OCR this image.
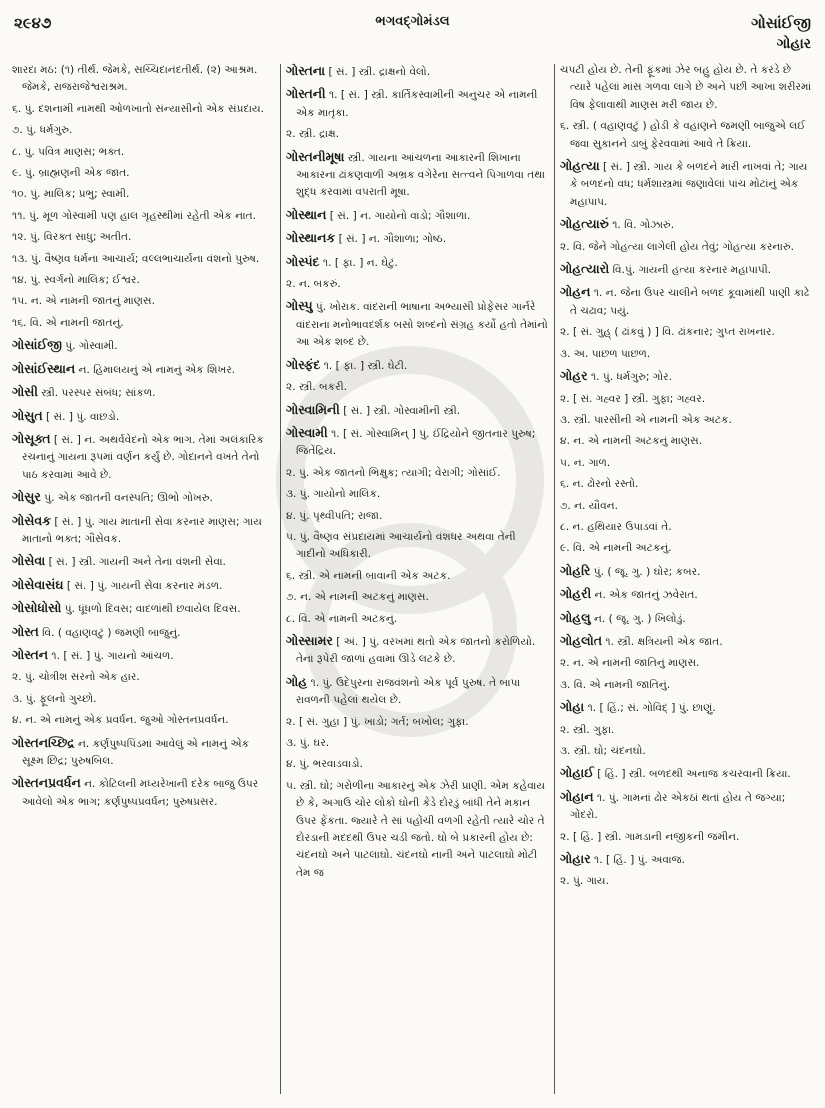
૨૯૪૭	ભગવદ્ગોમંડલ	ગોસાંઈજી
ગોહાર
શારદા મઠ: (૧) તીર્થ. જેમકે, સચ્ચિદાનંદતીર્થ. (૨) આશ્રમ. જેમકે, રાજરાજેશ્વરાશ્રમ.
૬. પું. દશનામી નામથી ઓળખાતો સંન્યાસીનો એક સંપ્રદાય.
૭. પું. ધર્મગુરુ.
૮. પું. પવિત્ર માણસ; ભક્ત.
૯. પું. બ્રાહ્મણની એક જાત.
૧૦. પું. માલિક; પ્રભુ; સ્વામી.
૧૧. પું. મૂળ ગોસ્વામી પણ હાલ ગૃહસ્થીમાં રહેતી એક નાત.
૧૨. પું. વિરક્ત સાધુ; અતીત.
૧૩. પું. વૈષ્ણવ ધર્મના આચાર્ય; વલ્લભાચાર્યના વંશનો પુરુષ.
૧૪. પું. સ્વર્ગનો માલિક; ઈશ્વર.
૧૫. ન. એ નામની જાતનું માણસ.
૧૬. વિ. એ નામની જાતનું.
ગોસાંઈજી પું. ગોસ્વામી.
ગોસાંઈસ્થાન ન. હિમાલયનું એ નામનું એક શિખર.
ગોસી સ્ત્રી. પરસ્પર સંબંધ; સાંકળ.
ગોસુત [ સં. ] પું. વાછડો.
ગોસૂક્ત [ સં. ] ન. અથર્વવેદનો એક ભાગ. તેમાં અલંકારિક રચનાનું ગાયના રૂપમાં વર્ણન કર્યું છે. ગોદાનને વખતે તેનો પાઠ કરવામાં આવે છે.
ગોસુર પું. એક જાતની વનસ્પતિ; ઊભો ગોખરુ.
ગોસેવક [ સં. ] પું. ગાય માતાની સેવા કરનાર માણસ; ગાય માતાનો ભક્ત; ગૌસેવક.
ગોસેવા [ સં. ] સ્ત્રી. ગાયની અને તેના વંશની સેવા.
ગોસેવાસંઘ [ સં. ] પું. ગાયની સેવા કરનાર મંડળ.
ગોસોધોસો પું. ધૂંધળો દિવસ; વાદળાંથી છવાયેલ દિવસ.
ગોસ્ત વિ. ( વહાણવટું ) જમણી બાજુનું.
ગોસ્તન ૧. [ સં. ] પું. ગાયનો આંચળ.
૨. પું. ચોત્રીશ સરનો એક હાર.
૩. પું. ફૂલનો ગુચ્છો.
૪. ન. એ નામનું એક પ્રવર્ધન. જુઓ ગોસ્તનપ્રવર્ધન.
ગોસ્તનચ્છિદ્ર ન. કર્ણપુષ્પપિંડમાં આવેલું એ નામનું એક સૂક્ષ્મ છિદ્ર; પુરુષબિલ.
ગોસ્તનપ્રવર્ધન ન. કોટિલની મધ્યરેખાની દરેક બાજુ ઉપર આવેલો એક ભાગ; કર્ણપુષ્પપ્રવર્ધન; પુરુષપ્રસર.
ગોસ્તના [ સં. ] સ્ત્રી. દ્રાક્ષનો વેલો.
ગોસ્તની ૧. [ સં. ] સ્ત્રી. કાર્તિકસ્વામીની અનુચર એ નામની એક માતૃકા.
૨. સ્ત્રી. દ્રાક્ષ.
ગોસ્તનીમૂષા સ્ત્રી. ગાયના આંચળના આકારની શિખાના આકારના ઢાંકણવાળી અભ્રક વગેરેના સત્ત્વને પિગાળવા તથા શુદ્ધ કરવામાં વપરાતી મૂષા.
ગોસ્થાન [ સં. ] ન. ગાયોનો વાડો; ગૌશાળા.
ગોસ્થાનક [ સં. ] ન. ગૌશાળા; ગોષ્ઠ.
ગોસ્પંદ ૧. [ ફા. ] ન. ઘેટું.
૨. ન. બકરું.
ગોસ્પુ પું. ખોરાક. વાંદરાની ભાષાના અભ્યાસી પ્રોફેસર ગાર્નરે વાંદરાના મનોભાવદર્શક બસો શબ્દનો સંગ્રહ કર્યો હતો તેમાંનો આ એક શબ્દ છે.
ગોસ્ફંદ ૧. [ ફા. ] સ્ત્રી. ઘેટી.
૨. સ્ત્રી. બકરી.
ગોસ્વામિની [ સં. ] સ્ત્રી. ગોસ્વામીની સ્ત્રી.
ગોસ્વામી ૧. [ સં. ગોસ્વામિન્ ] પું. ઈંદ્રિયોને જીતનાર પુરુષ; જિતેંદ્રિય.
૨. પું. એક જાતનો ભિક્ષુક; ત્યાગી; વેરાગી; ગોસાંઈ.
૩. પું. ગાયોનો માલિક.
૪. પું. પૃથ્વીપતિ; રાજા.
૫. પું. વૈષ્ણવ સંપ્રદાયમાં આચાર્યનો વંશધર અથવા તેની ગાદીનો અધિકારી.
૬. સ્ત્રી. એ નામની બાવાની એક અટક.
૭. ન. એ નામની અટકનું માણસ.
૮. વિ. એ નામની અટકનું.
ગોસ્સામર [ અં. ] પું. વરખમાં થતો એક જાતનો કરોળિયો. તેનાં રૂપેરી જાળાં હવામાં ઊડે લટકે છે.
ગોહ ૧. પું. ઉદેપુરના રાજવંશનો એક પૂર્વ પુરુષ. તે બાપા રાવળની પહેલાં થયેલ છે.
૨. [ સં. ગુહા ] પું. ખાડો; ગર્ત; બખોલ; ગુફા.
૩. પું. ઘર.
૪. પું. ભરવાડવાડો.
૫. સ્ત્રી. ઘો; ગરોળીના આકારનું એક ઝેરી પ્રાણી. એમ કહેવાય છે કે, અગાઉ ચોર લોકો ઘોની કેડે દોરડું બાંધી તેને મકાન ઉપર ફેંકતા. જ્યારે તે સાં પહોંચી વળગી રહેતી ત્યારે ચોર તે દોરડાની મદદથી ઉપર ચડી જતો. ઘો બે પ્રકારની હોય છે: ચંદનઘો અને પાટલાઘો. ચંદનઘો નાની અને પાટલાઘો મોટી તેમ જ
ચપટી હોય છે. તેની ફૂંકમાં ઝેર બહુ હોય છે. તે કરડે છે ત્યારે પહેલાં માંસ ગળવા લાગે છે અને પછી આખા શરીરમાં વિષ ફેલાવાથી માણસ મરી જાય છે.
૬. સ્ત્રી. ( વહાણવટું ) હોડી કે વહાણને જમણી બાજુએ લઈ જવા સુકાનને ડાબું ફેરવવામાં આવે તે ક્રિયા.
ગોહત્યા [ સં. ] સ્ત્રી. ગાય કે બળદને મારી નાખવાં તે; ગાય કે બળદનો વધ; ધર્મશાસ્ત્રમાં જણાવેલાં પાંચ મોટાંનું એક મહાપાપ.
ગોહત્યારું ૧. વિ. ગોઝારું.
૨. વિ. જેને ગોહત્યા લાગેલી હોય તેવું; ગોહત્યા કરનારું.
ગોહત્યારો વિ.પું. ગાયની હત્યા કરનાર મહાપાપી.
ગોહન ૧. ન. જેના ઉપર ચાલીને બળદ કૂવામાંથી પાણી કાઢે તે ચઢાવ; પયું.
૨. [ સં. ગુહ્ ( ઢાંકવું ) ] વિ. ઢાંકનાર; ગુપ્ત રાખનાર.
૩. અ. પાછળ પાછળ.
ગોહર ૧. પું. ધર્મગુરુ; ગોર.
૨. [ સં. ગહ્વર ] સ્ત્રી. ગુફા; ગહ્વર.
૩. સ્ત્રી. પારસીની એ નામની એક અટક.
૪. ન. એ નામની અટકનું માણસ.
૫. ન. ગાળ.
૬. ન. ઢોરનો રસ્તો.
૭. ન. યૌવન.
૮. ન. હથિયાર ઉપાડવાં તે.
૯. વિ. એ નામની અટકનું.
ગોહરિ પું. ( જૂ. ગુ. ) ઘોર; કબર.
ગોહરી ન. એક જાતનું ઝવેરાત.
ગોહલુ ન. ( જૂ. ગુ. ) ખિલોડું.
ગોહલોત ૧. સ્ત્રી. ક્ષત્રિયની એક જાત.
૨. ન. એ નામની જાતિનું માણસ.
૩. વિ. એ નામની જાતિનું.
ગોહા ૧. [ હિં.; સં. ગોવિદ્ ] પું. છાણું.
૨. સ્ત્રી. ગુફા.
૩. સ્ત્રી. ઘો; ચંદનઘો.
ગોહાઈ [ હિં. ] સ્ત્રી. બળદથી અનાજ કચરવાની ક્રિયા.
ગોહાન ૧. પું. ગામનાં ઢોર એકઠાં થતાં હોય તે જગ્યા; ગોંદરો.
૨. [ હિં. ] સ્ત્રી. ગામડાની નજીકની જમીન.
ગોહાર ૧. [ હિં. ] પું. અવાજ.
૨. પું. ગાય.
